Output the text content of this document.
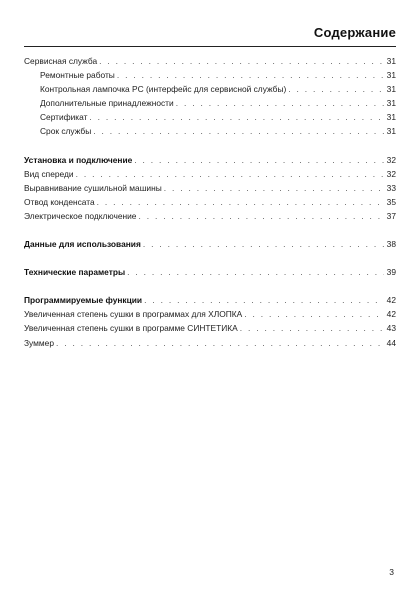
Содержание
Сервисная служба . . .	31
Ремонтные работы . . .	31
Контрольная лампочка PC (интерфейс для сервисной службы) . . .	31
Дополнительные принадлежности . . .	31
Сертификат . . .	31
Срок службы . . .	31
Установка и подключение . . .	32
Вид спереди . . .	32
Выравнивание сушильной машины . . .	33
Отвод конденсата . . .	35
Электрическое подключение . . .	37
Данные для использования . . .	38
Технические параметры . . .	39
Программируемые функции . . .	42
Увеличенная степень сушки в программах для ХЛОПКА . . .	42
Увеличенная степень сушки в программе СИНТЕТИКА . . .	43
Зуммер . . .	44
3
